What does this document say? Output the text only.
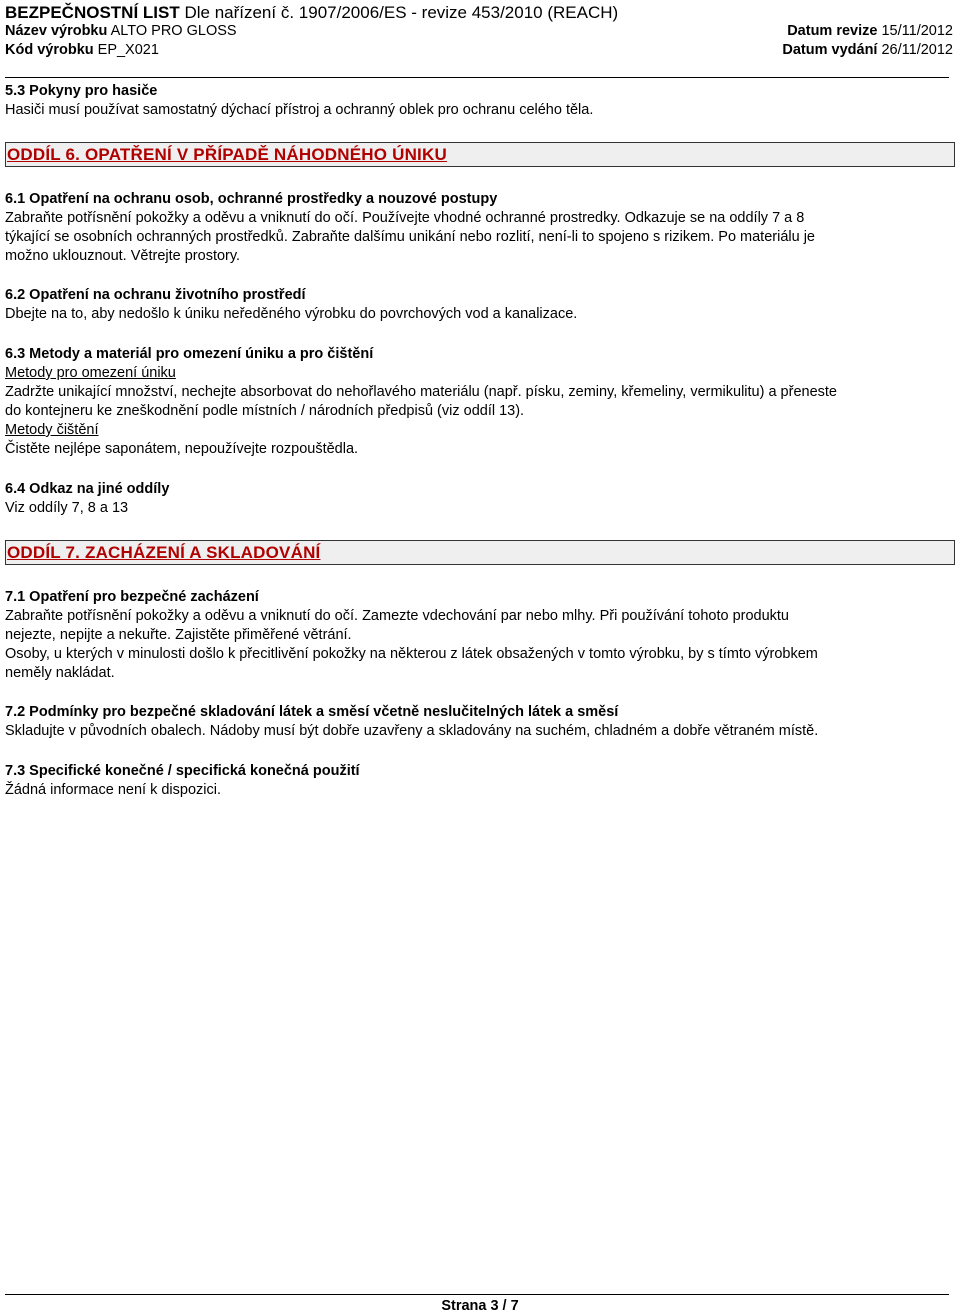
BEZPEČNOSTNÍ LIST Dle nařízení č. 1907/2006/ES - revize 453/2010 (REACH)
Název výrobku ALTO PRO GLOSS	Datum revize 15/11/2012
Kód výrobku EP_X021	Datum vydání 26/11/2012
5.3 Pokyny pro hasiče
Hasiči musí používat samostatný dýchací přístroj a ochranný oblek pro ochranu celého těla.
ODDÍL 6. OPATŘENÍ V PŘÍPADĚ NÁHODNÉHO ÚNIKU
6.1 Opatření na ochranu osob, ochranné prostředky a nouzové postupy
Zabraňte potřísnění pokožky a oděvu a vniknutí do očí. Používejte vhodné ochranné prostredky. Odkazuje se na oddíly 7 a 8
týkající se osobních ochranných prostředků. Zabraňte dalšímu unikání nebo rozlití, není-li to spojeno s rizikem. Po materiálu je
možno uklouznout. Větrejte prostory.
6.2 Opatření na ochranu životního prostředí
Dbejte na to, aby nedošlo k úniku neředěného výrobku do povrchových vod a kanalizace.
6.3 Metody a materiál pro omezení úniku a pro čištění
Metody pro omezení úniku
Zadržte unikající množství, nechejte absorbovat do nehořlavého materiálu (např. písku, zeminy, křemeliny, vermikulitu) a přeneste
do kontejneru ke zneškodnění podle místních / národních předpisů (viz oddíl 13).
Metody čištění
Čistěte nejlépe saponátem, nepoužívejte rozpouštědla.
6.4 Odkaz na jiné oddíly
Viz oddíly 7, 8 a 13
ODDÍL 7. ZACHÁZENÍ A SKLADOVÁNÍ
7.1 Opatření pro bezpečné zacházení
Zabraňte potřísnění pokožky a oděvu a vniknutí do očí. Zamezte vdechování par nebo mlhy. Při používání tohoto produktu
nejezte, nepijte a nekuřte. Zajistěte přiměřené větrání.
Osoby, u kterých v minulosti došlo k přecitlivění pokožky na některou z látek obsažených v tomto výrobku, by s tímto výrobkem
neměly nakládat.
7.2 Podmínky pro bezpečné skladování látek a směsí včetně neslučitelných látek a směsí
Skladujte v původních obalech. Nádoby musí být dobře uzavřeny a skladovány na suchém, chladném a dobře větraném místě.
7.3 Specifické konečné / specifická konečná použití
Žádná informace není k dispozici.
Strana 3 / 7
